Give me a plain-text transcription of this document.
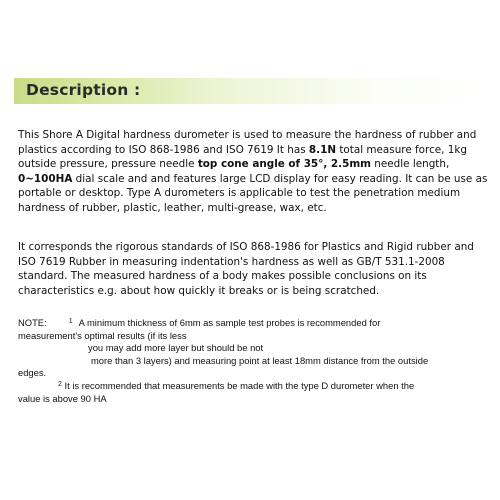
Description :

This Shore A Digital hardness durometer is used to measure the hardness of rubber and plastics according to ISO 868-1986 and ISO 7619 It has 8.1N total measure force, 1kg outside pressure, pressure needle top cone angle of 35°, 2.5mm needle length, 0~100HA dial scale and and features large LCD display for easy reading. It can be use as portable or desktop. Type A durometers is applicable to test the penetration medium hardness of rubber, plastic, leather, multi-grease, wax, etc.

It corresponds the rigorous standards of ISO 868-1986 for Plastics and Rigid rubber and ISO 7619 Rubber in measuring indentation's hardness as well as GB/T 531.1-2008 standard. The measured hardness of a body makes possible conclusions on its characteristics e.g. about how quickly it breaks or is being scratched.

NOTE:	$^1$ A minimum thickness of 6mm as sample test probes is recommended for
measurement's optimal results (if its less
you may add more layer but should be not
more than 3 layers) and measuring point at least 18mm distance from the outside
edges.
$^2$ It is recommended that measurements be made with the type D durometer when the
value is above 90 HA
